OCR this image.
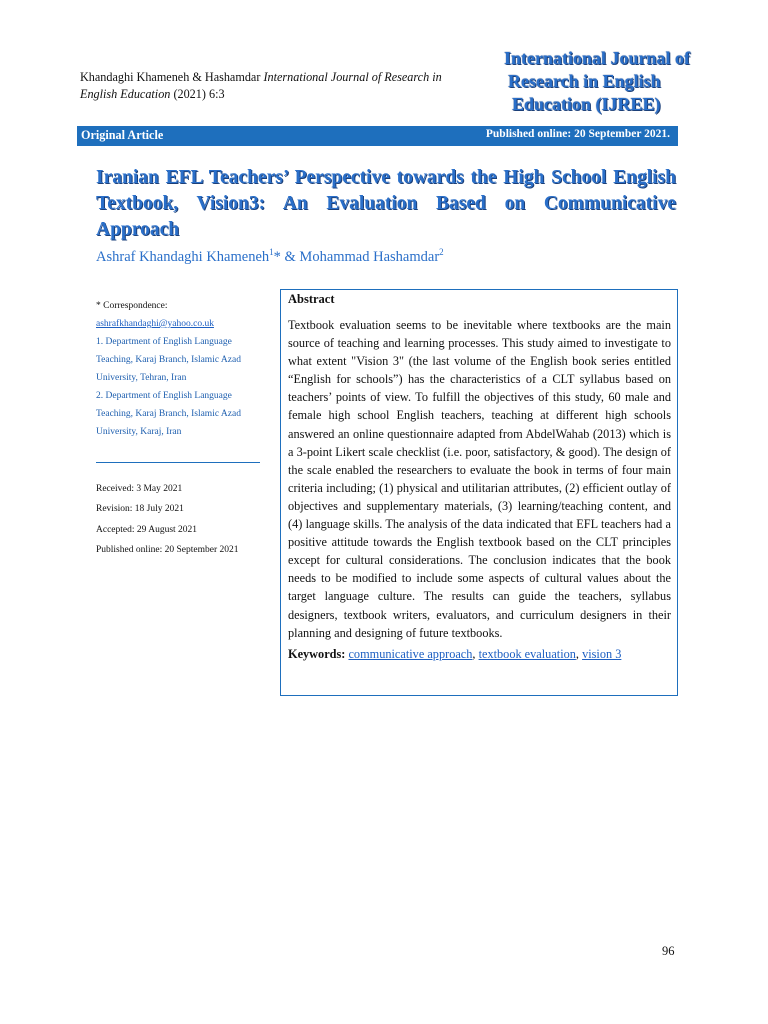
Khandaghi Khameneh & Hashamdar International Journal of Research in English Education (2021) 6:3
International Journal of
Research in English
Education (IJREE)
Original Article	Published online: 20 September 2021.
Iranian EFL Teachers’ Perspective towards the High School English Textbook, Vision3: An Evaluation Based on Communicative Approach
Ashraf Khandaghi Khameneh$^1$* & Mohammad Hashamdar$^2$
* Correspondence:
ashrafkhandaghi@yahoo.co.uk
1. Department of English Language Teaching, Karaj Branch, Islamic Azad University, Tehran, Iran
2. Department of English Language Teaching, Karaj Branch, Islamic Azad University, Karaj, Iran
Received: 3 May 2021
Revision: 18 July 2021
Accepted: 29 August 2021
Published online: 20 September 2021
Abstract
Textbook evaluation seems to be inevitable where textbooks are the main source of teaching and learning processes. This study aimed to investigate to what extent "Vision 3" (the last volume of the English book series entitled “English for schools”) has the characteristics of a CLT syllabus based on teachers’ points of view. To fulfill the objectives of this study, 60 male and female high school English teachers, teaching at different high schools answered an online questionnaire adapted from AbdelWahab (2013) which is a 3-point Likert scale checklist (i.e. poor, satisfactory, & good). The design of the scale enabled the researchers to evaluate the book in terms of four main criteria including; (1) physical and utilitarian attributes, (2) efficient outlay of objectives and supplementary materials, (3) learning/teaching content, and (4) language skills. The analysis of the data indicated that EFL teachers had a positive attitude towards the English textbook based on the CLT principles except for cultural considerations. The conclusion indicates that the book needs to be modified to include some aspects of cultural values about the target language culture. The results can guide the teachers, syllabus designers, textbook writers, evaluators, and curriculum designers in their planning and designing of future textbooks.
Keywords: communicative approach, textbook evaluation, vision 3
96
